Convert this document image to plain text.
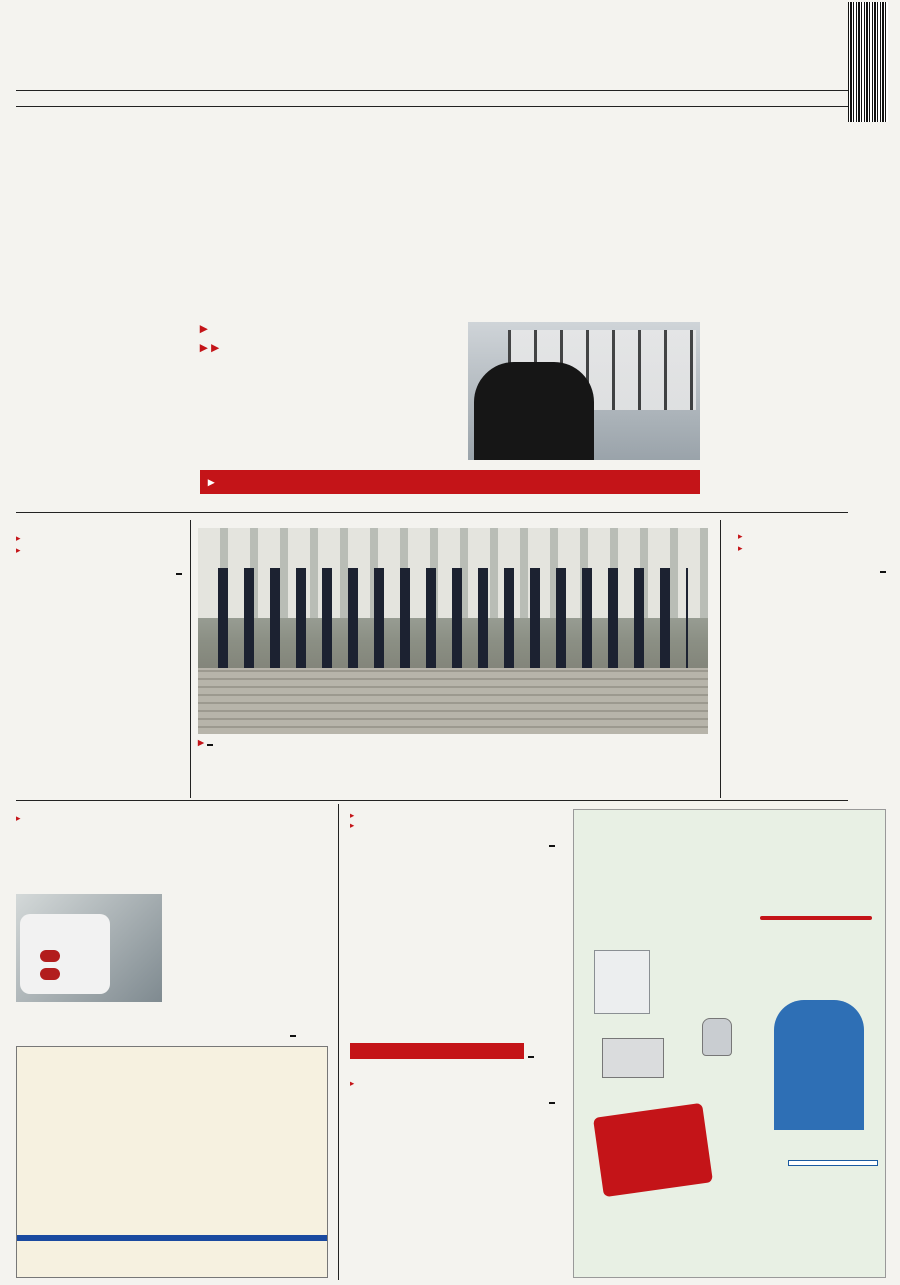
▸
▸ ▸
▸
▸
▸
▸
▸
▸
▸	▸
▸
▸
